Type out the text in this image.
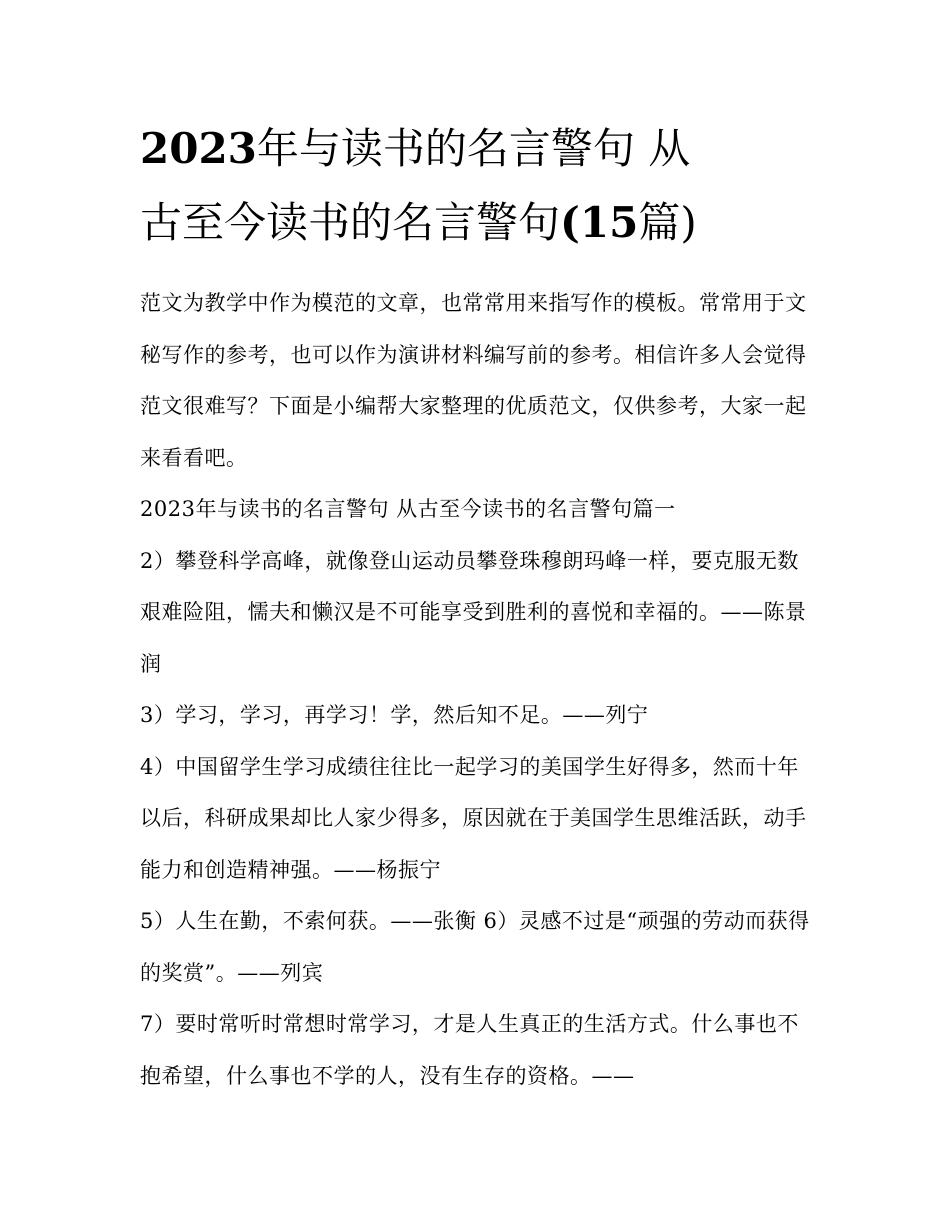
2023年与读书的名言警句 从
古至今读书的名言警句(15篇)

范文为教学中作为模范的文章，也常常用来指写作的模板。常常用于文秘写作的参考，也可以作为演讲材料编写前的参考。相信许多人会觉得范文很难写？下面是小编帮大家整理的优质范文，仅供参考，大家一起来看看吧。

2023年与读书的名言警句 从古至今读书的名言警句篇一

2）攀登科学高峰，就像登山运动员攀登珠穆朗玛峰一样，要克服无数艰难险阻，懦夫和懒汉是不可能享受到胜利的喜悦和幸福的。——陈景润

3）学习，学习，再学习！学，然后知不足。——列宁

4）中国留学生学习成绩往往比一起学习的美国学生好得多，然而十年以后，科研成果却比人家少得多，原因就在于美国学生思维活跃，动手能力和创造精神强。——杨振宁

5）人生在勤，不索何获。——张衡 6）灵感不过是“顽强的劳动而获得的奖赏”。——列宾

7）要时常听时常想时常学习，才是人生真正的生活方式。什么事也不抱希望，什么事也不学的人，没有生存的资格。——
